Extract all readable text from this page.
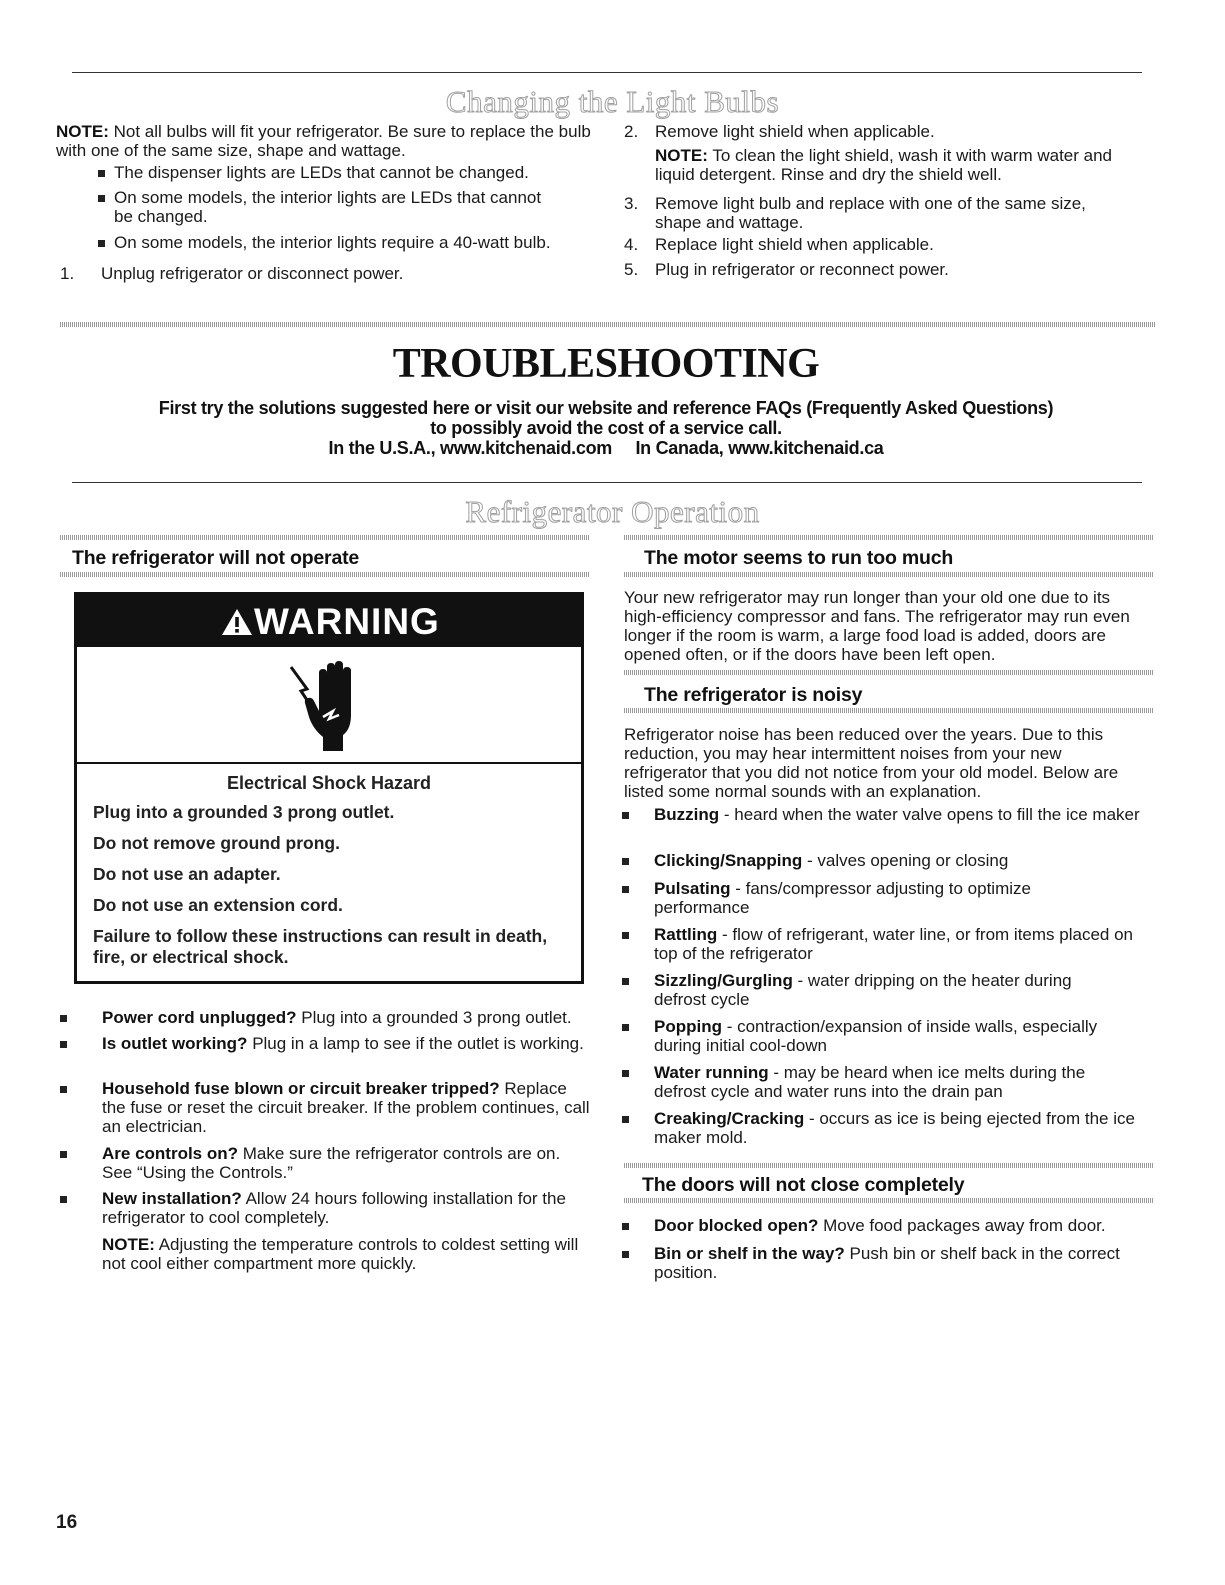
Changing the Light Bulbs

NOTE: Not all bulbs will fit your refrigerator. Be sure to replace the bulb with one of the same size, shape and wattage.

The dispenser lights are LEDs that cannot be changed.

On some models, the interior lights are LEDs that cannot be changed.

On some models, the interior lights require a 40-watt bulb.

1. Unplug refrigerator or disconnect power.

2. Remove light shield when applicable.

NOTE: To clean the light shield, wash it with warm water and liquid detergent. Rinse and dry the shield well.

3. Remove light bulb and replace with one of the same size, shape and wattage.

4. Replace light shield when applicable.

5. Plug in refrigerator or reconnect power.

TROUBLESHOOTING
First try the solutions suggested here or visit our website and reference FAQs (Frequently Asked Questions)
to possibly avoid the cost of a service call.
In the U.S.A., www.kitchenaid.com     In Canada, www.kitchenaid.ca
Refrigerator Operation
The refrigerator will not operate
WARNING
Electrical Shock Hazard
Plug into a grounded 3 prong outlet.
Do not remove ground prong.
Do not use an adapter.
Do not use an extension cord.
Failure to follow these instructions can result in death, fire, or electrical shock.

Power cord unplugged? Plug into a grounded 3 prong outlet.

Is outlet working? Plug in a lamp to see if the outlet is working.

Household fuse blown or circuit breaker tripped? Replace the fuse or reset the circuit breaker. If the problem continues, call an electrician.

Are controls on? Make sure the refrigerator controls are on. See “Using the Controls.”

New installation? Allow 24 hours following installation for the refrigerator to cool completely.

NOTE: Adjusting the temperature controls to coldest setting will not cool either compartment more quickly.

The motor seems to run too much

Your new refrigerator may run longer than your old one due to its high-efficiency compressor and fans. The refrigerator may run even longer if the room is warm, a large food load is added, doors are opened often, or if the doors have been left open.

The refrigerator is noisy

Refrigerator noise has been reduced over the years. Due to this reduction, you may hear intermittent noises from your new refrigerator that you did not notice from your old model. Below are listed some normal sounds with an explanation.

Buzzing - heard when the water valve opens to fill the ice maker

Clicking/Snapping - valves opening or closing

Pulsating - fans/compressor adjusting to optimize performance

Rattling - flow of refrigerant, water line, or from items placed on top of the refrigerator

Sizzling/Gurgling - water dripping on the heater during defrost cycle

Popping - contraction/expansion of inside walls, especially during initial cool-down

Water running - may be heard when ice melts during the defrost cycle and water runs into the drain pan

Creaking/Cracking - occurs as ice is being ejected from the ice maker mold.

The doors will not close completely

Door blocked open? Move food packages away from door.

Bin or shelf in the way? Push bin or shelf back in the correct position.

16
